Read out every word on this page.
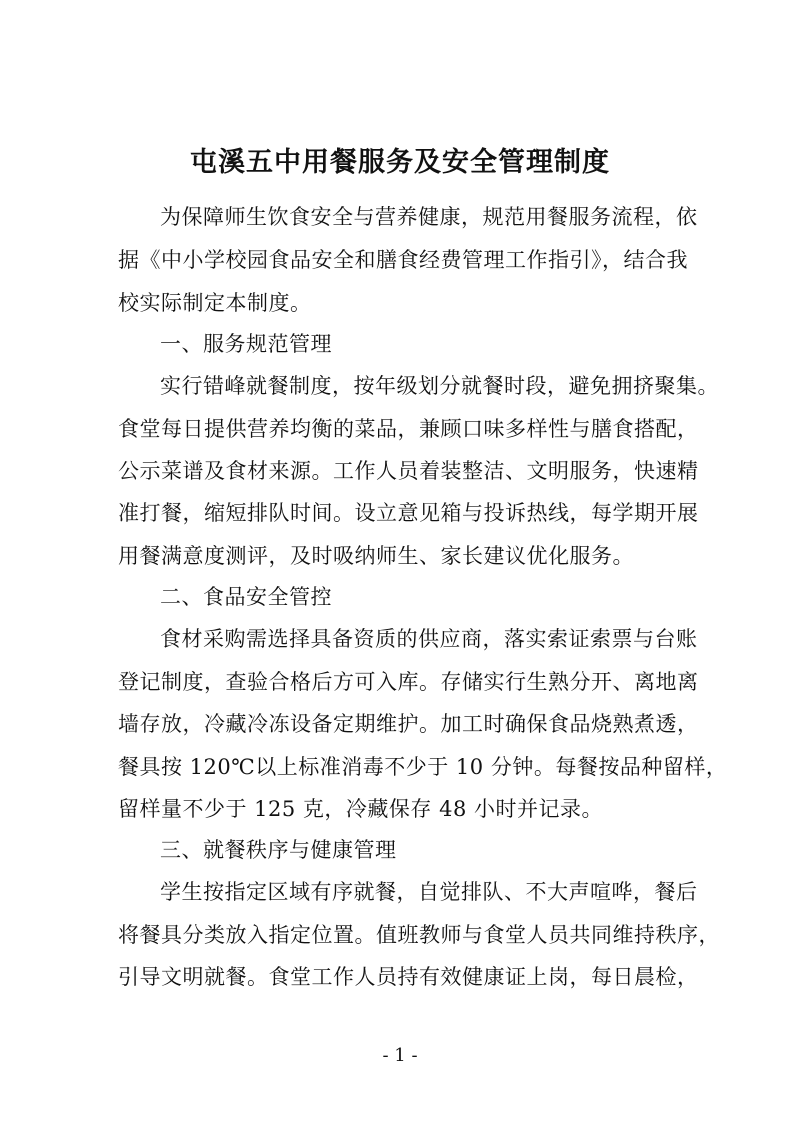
屯溪五中用餐服务及安全管理制度
为保障师生饮食安全与营养健康，规范用餐服务流程，依
据《中小学校园食品安全和膳食经费管理工作指引》，结合我
校实际制定本制度。
一、服务规范管理
实行错峰就餐制度，按年级划分就餐时段，避免拥挤聚集。
食堂每日提供营养均衡的菜品，兼顾口味多样性与膳食搭配，
公示菜谱及食材来源。工作人员着装整洁、文明服务，快速精
准打餐，缩短排队时间。设立意见箱与投诉热线，每学期开展
用餐满意度测评，及时吸纳师生、家长建议优化服务。
二、食品安全管控
食材采购需选择具备资质的供应商，落实索证索票与台账
登记制度，查验合格后方可入库。存储实行生熟分开、离地离
墙存放，冷藏冷冻设备定期维护。加工时确保食品烧熟煮透，
餐具按 120℃以上标准消毒不少于 10 分钟。每餐按品种留样，
留样量不少于 125 克，冷藏保存 48 小时并记录。
三、就餐秩序与健康管理
学生按指定区域有序就餐，自觉排队、不大声喧哗，餐后
将餐具分类放入指定位置。值班教师与食堂人员共同维持秩序，
引导文明就餐。食堂工作人员持有效健康证上岗，每日晨检，
- 1 -
